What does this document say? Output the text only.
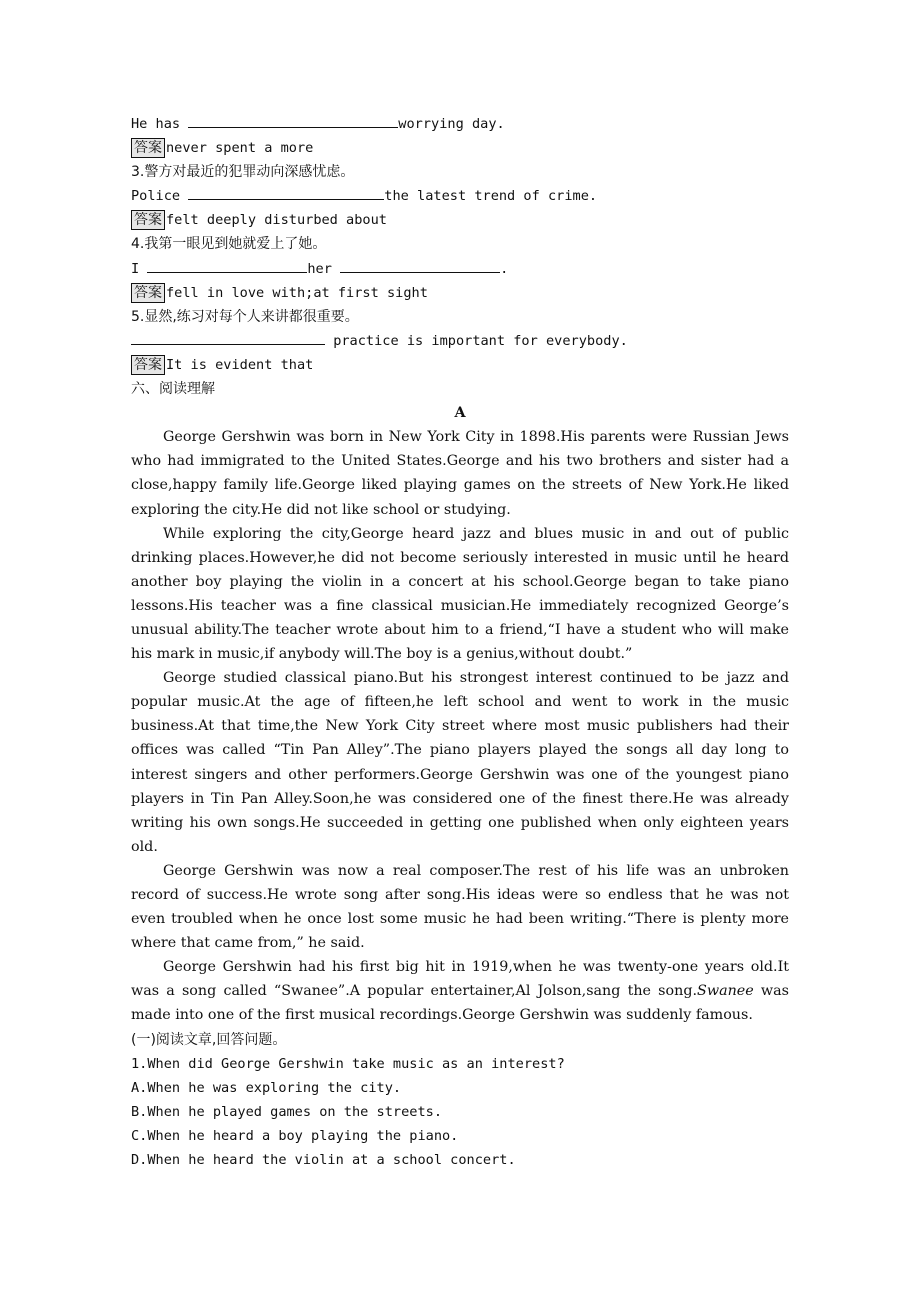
He has	worrying day.
答案 never spent a more
3.警方对最近的犯罪动向深感忧虑。
Police	the latest trend of crime.
答案 felt deeply disturbed about
4.我第一眼见到她就爱上了她。
I	her	.
答案 fell in love with;at first sight
5.显然,练习对每个人来讲都很重要。
practice is important for everybody.
答案 It is evident that
六、阅读理解
A

George Gershwin was born in New York City in 1898.His parents were Russian Jews who had immigrated to the United States.George and his two brothers and sister had a close,happy family life.George liked playing games on the streets of New York.He liked exploring the city.He did not like school or studying.

While exploring the city,George heard jazz and blues music in and out of public drinking places.However,he did not become seriously interested in music until he heard another boy playing the violin in a concert at his school.George began to take piano lessons.His teacher was a fine classical musician.He immediately recognized George’s unusual ability.The teacher wrote about him to a friend,“I have a student who will make his mark in music,if anybody will.The boy is a genius,without doubt.”

George studied classical piano.But his strongest interest continued to be jazz and popular music.At the age of fifteen,he left school and went to work in the music business.At that time,the New York City street where most music publishers had their offices was called “Tin Pan Alley”.The piano players played the songs all day long to interest singers and other performers.George Gershwin was one of the youngest piano players in Tin Pan Alley.Soon,he was considered one of the finest there.He was already writing his own songs.He succeeded in getting one published when only eighteen years old.

George Gershwin was now a real composer.The rest of his life was an unbroken record of success.He wrote song after song.His ideas were so endless that he was not even troubled when he once lost some music he had been writing.“There is plenty more where that came from,” he said.

George Gershwin had his first big hit in 1919,when he was twenty-one years old.It was a song called “Swanee”.A popular entertainer,Al Jolson,sang the song.Swanee was made into one of the first musical recordings.George Gershwin was suddenly famous.

(一)阅读文章,回答问题。
1.When did George Gershwin take music as an interest?
A.When he was exploring the city.
B.When he played games on the streets.
C.When he heard a boy playing the piano.
D.When he heard the violin at a school concert.
